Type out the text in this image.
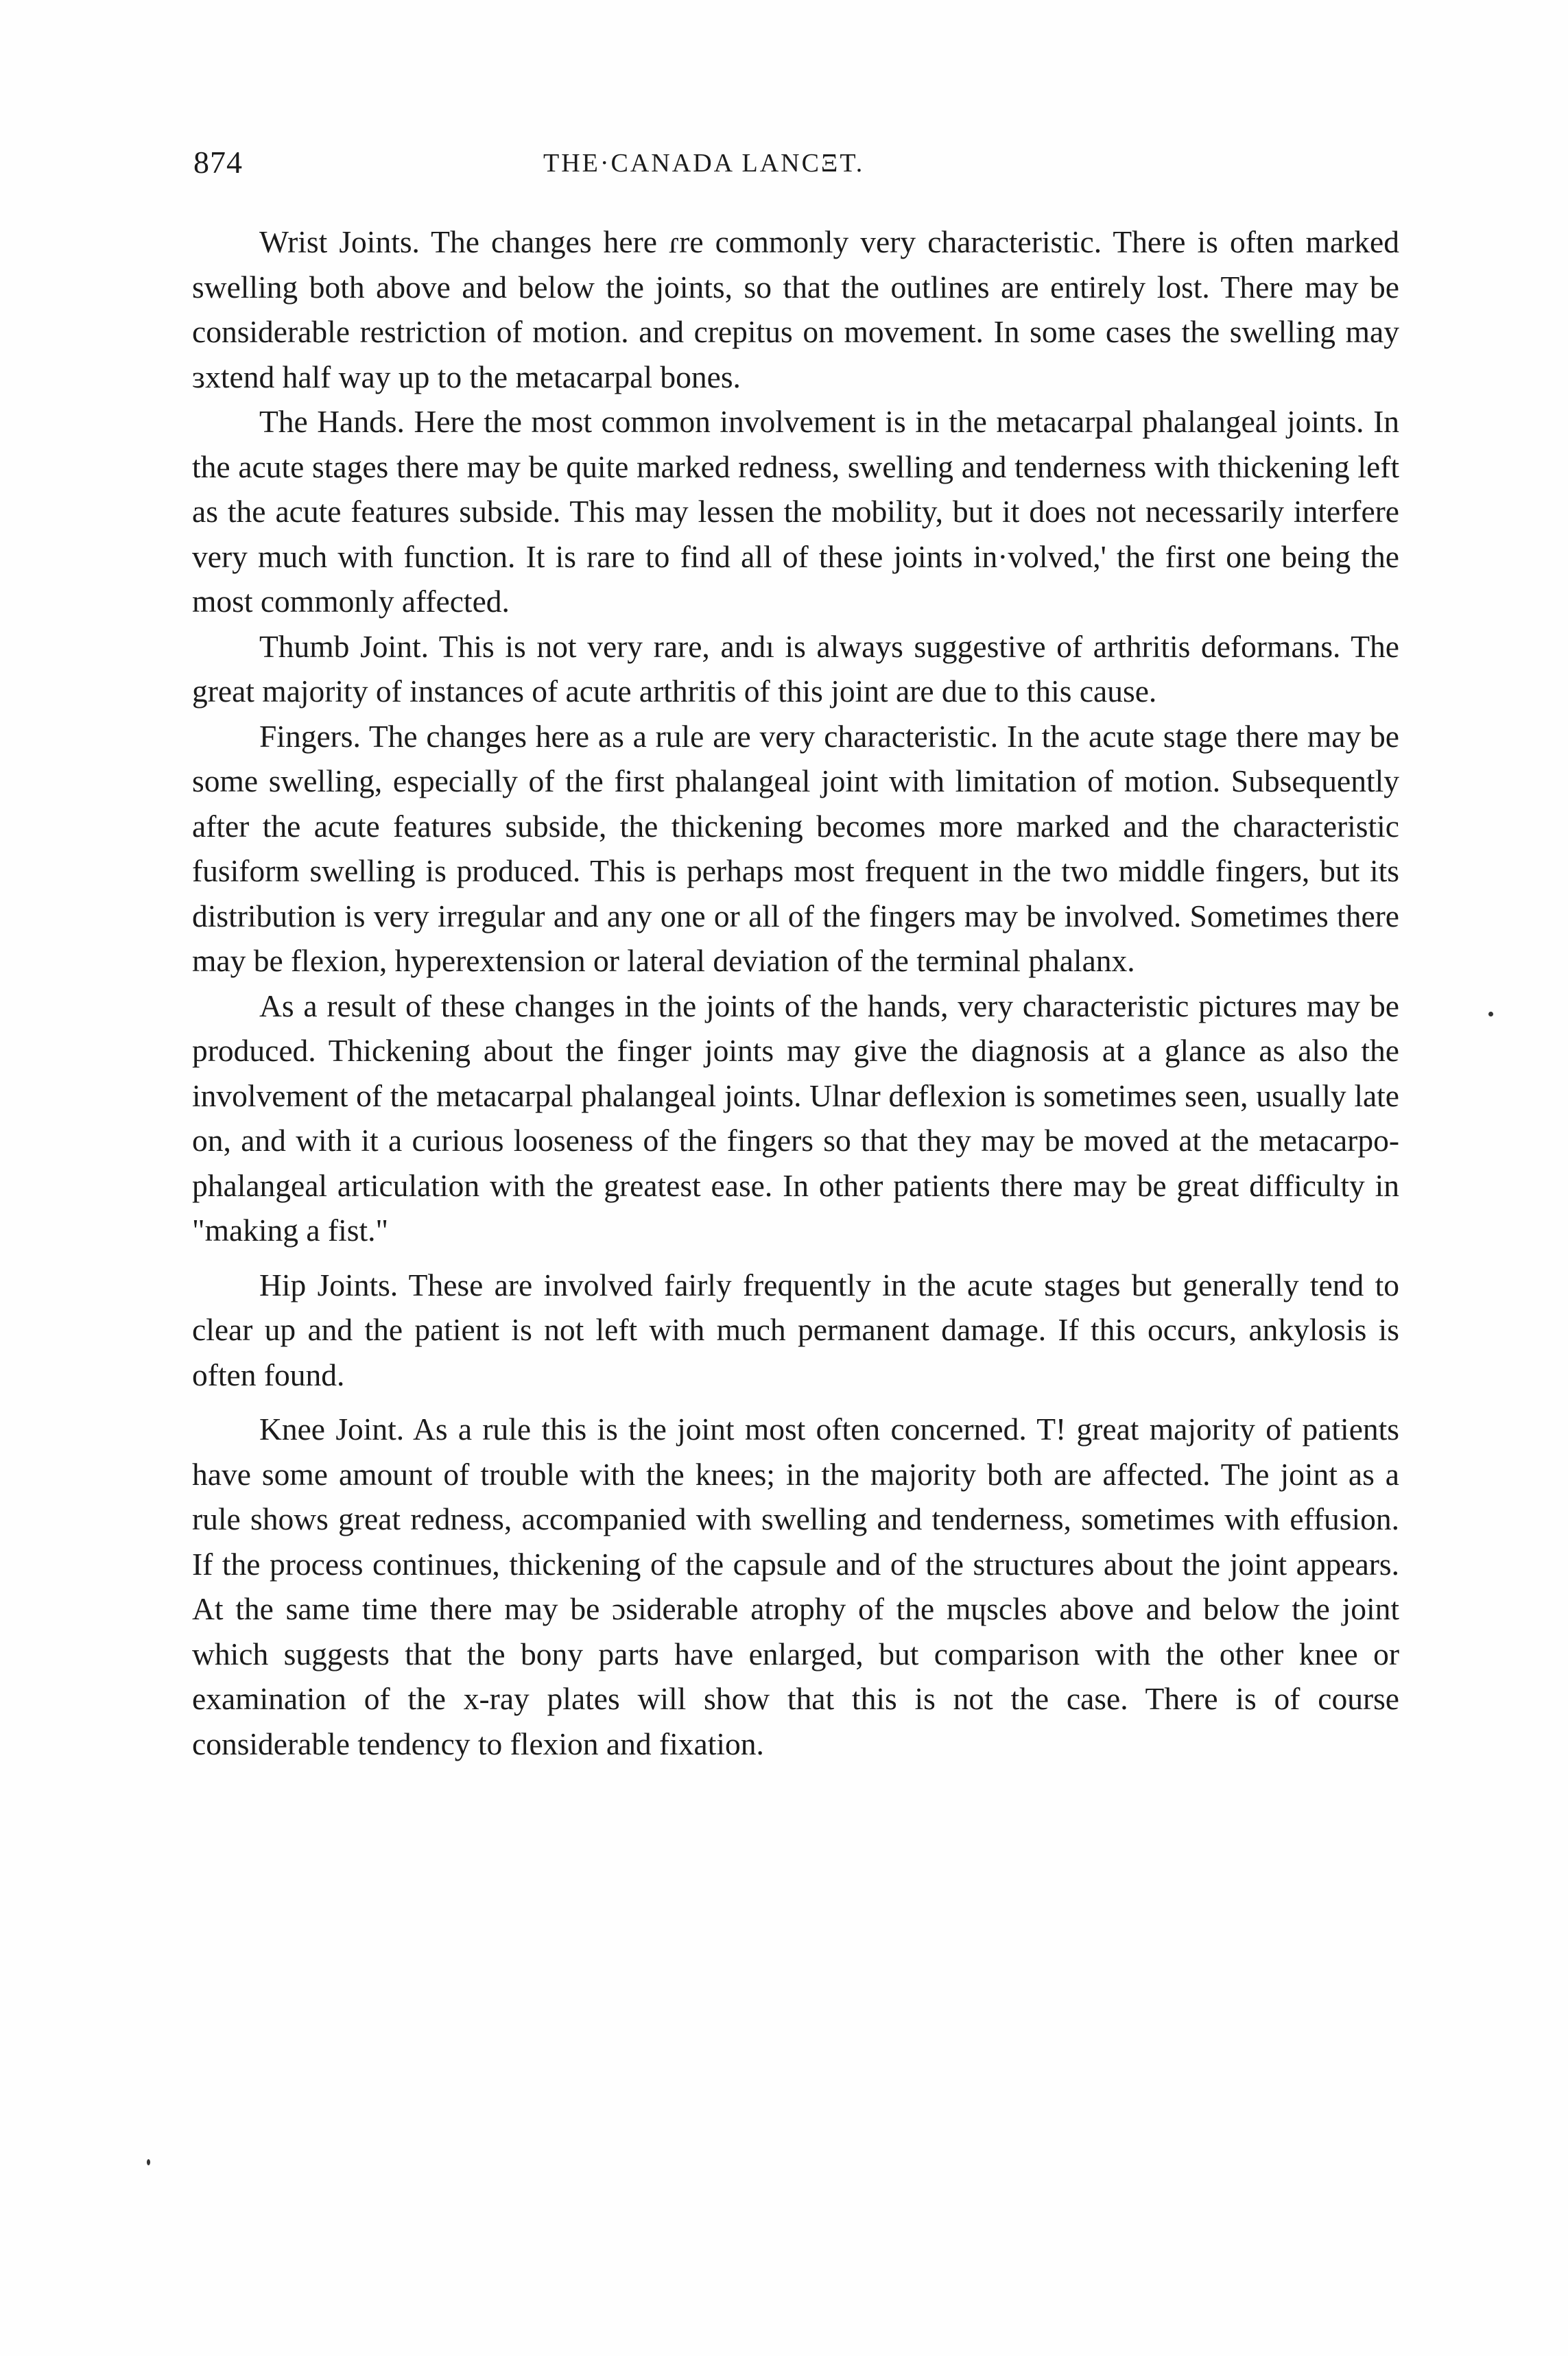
874	THE·CANADA LANCΞT.

Wrist Joints. The changes here ɾre commonly very characteristic. There is often marked swelling both above and below the joints, so that the outlines are entirely lost. There may be considerable restriction of motion. and crepitus on movement. In some cases the swelling may ɜxtend half way up to the metacarpal bones.

The Hands. Here the most common involvement is in the metacarpal phalangeal joints. In the acute stages there may be quite marked redness, swelling and tenderness with thickening left as the acute features subside. This may lessen the mobility, but it does not necessarily interfere very much with function. It is rare to find all of these joints in·volved,' the first one being the most commonly affected.

Thumb Joint. This is not very rare, andı is always suggestive of arthritis deformans. The great majority of instances of acute arthritis of this joint are due to this cause.

Fingers. The changes here as a rule are very characteristic. In the acute stage there may be some swelling, especially of the first phalangeal joint with limitation of motion. Subsequently after the acute features subside, the thickening becomes more marked and the characteristic fusiform swelling is produced. This is perhaps most frequent in the two middle fingers, but its distribution is very irregular and any one or all of the fingers may be involved. Sometimes there may be flexion, hyperextension or lateral deviation of the terminal phalanx.

As a result of these changes in the joints of the hands, very characteristic pictures may be produced. Thickening about the finger joints may give the diagnosis at a glance as also the involvement of the metacarpal phalangeal joints. Ulnar deflexion is sometimes seen, usually late on, and with it a curious looseness of the fingers so that they may be moved at the metacarpo-phalangeal articulation with the greatest ease. In other patients there may be great difficulty in "making a fist."

Hip Joints. These are involved fairly frequently in the acute stages but generally tend to clear up and the patient is not left with much permanent damage. If this occurs, ankylosis is often found.

Knee Joint. As a rule this is the joint most often concerned. T! great majority of patients have some amount of trouble with the knees; in the majority both are affected. The joint as a rule shows great redness, accompanied with swelling and tenderness, sometimes with effusion. If the process continues, thickening of the capsule and of the structures about the joint appears. At the same time there may be ɔsiderable atrophy of the mɥscles above and below the joint which suggests that the bony parts have enlarged, but comparison with the other knee or examination of the x-ray plates will show that this is not the case. There is of course considerable tendency to flexion and fixation.
